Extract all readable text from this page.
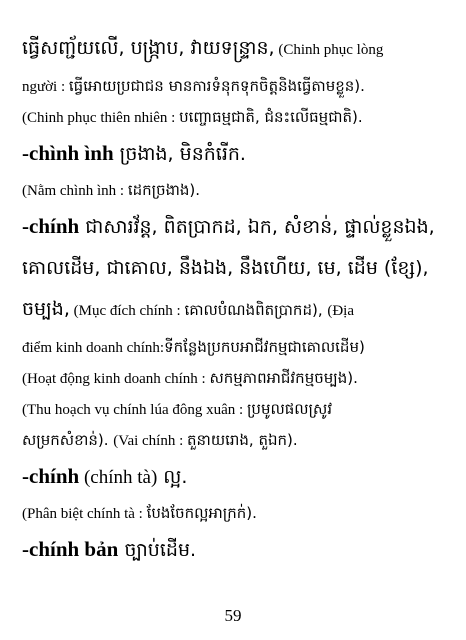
ធ្វើសញ្ជ័យលើ, បង្ក្រាប, វាយទន្ទ្រាន, (Chinh phục lòng
người : ធ្វើអោយប្រជាជន មានការទំនុកទុកចិត្តនិងធ្វើតាមខ្លួន).
(Chinh phục thiên nhiên : បញ្ចោធម្មជាតិ, ជំនះលើធម្មជាតិ).
-chình ình ច្រងាង, មិនកំរើក.
(Nằm chình ình : ដេកច្រងាង).
-chính ជាសារវ័ន្ត, ពិតប្រាកដ, ឯក, សំខាន់, ផ្ទាល់ខ្លួនឯង,
គោលដើម, ជាគោល, នឹងឯង, នឹងហើយ, មេ, ដើម (ខ្សែ),
ចម្បង, (Mục đích chính : គោលបំណងពិតប្រាកដ), (Địa
điểm kinh doanh chính:ទីកន្លែងប្រកបអាជីវកម្មជាគោលដើម)
(Hoạt động kinh doanh chính : សកម្មភាពអាជីវកម្មចម្បង).
(Thu hoạch vụ chính lúa đông xuân : ប្រមូលផលស្រូវ
សម្រកសំខាន់). (Vai chính : តួនាយរោង, តួឯក).
-chính (chính tà) ល្អ.
(Phân biệt chính tà : បែងចែកល្អអាក្រក់).
-chính bản ច្បាប់ដើម.
59
